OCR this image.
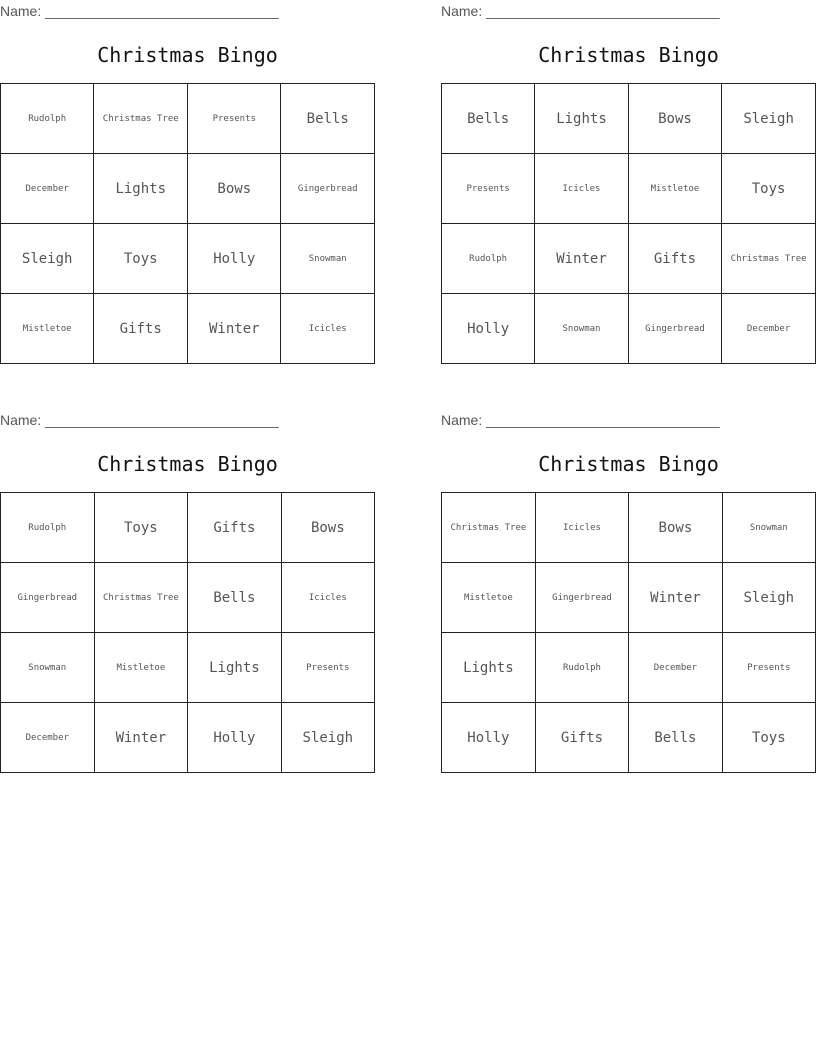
Name: ______________________________
Christmas Bingo
Rudolph	Christmas Tree	Presents	Bells
December	Lights	Bows	Gingerbread
Sleigh	Toys	Holly	Snowman
Mistletoe	Gifts	Winter	Icicles
Name: ______________________________
Christmas Bingo
Bells	Lights	Bows	Sleigh
Presents	Icicles	Mistletoe	Toys
Rudolph	Winter	Gifts	Christmas Tree
Holly	Snowman	Gingerbread	December
Name: ______________________________
Christmas Bingo
Rudolph	Toys	Gifts	Bows
Gingerbread	Christmas Tree	Bells	Icicles
Snowman	Mistletoe	Lights	Presents
December	Winter	Holly	Sleigh
Name: ______________________________
Christmas Bingo
Christmas Tree	Icicles	Bows	Snowman
Mistletoe	Gingerbread	Winter	Sleigh
Lights	Rudolph	December	Presents
Holly	Gifts	Bells	Toys
